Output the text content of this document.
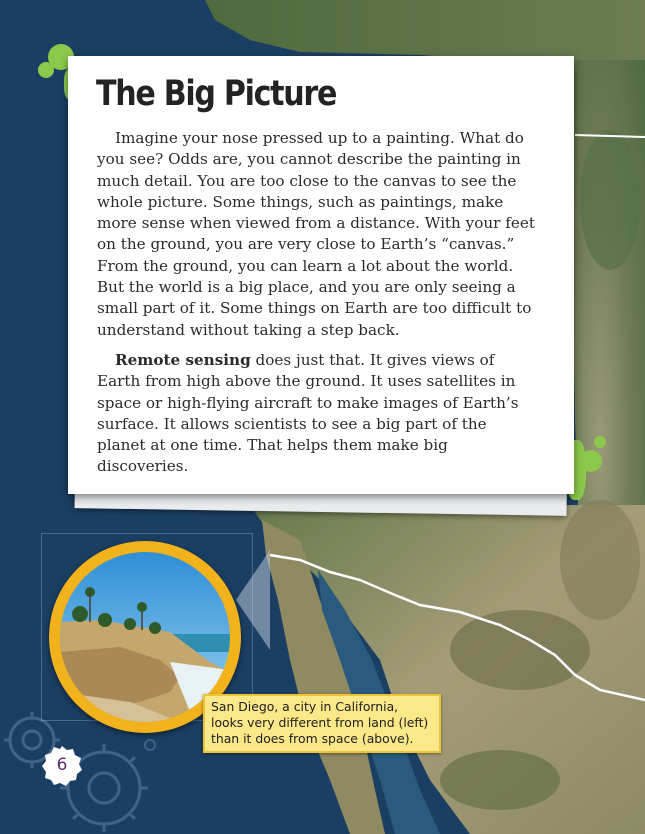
The Big Picture

Imagine your nose pressed up to a painting. What do you see? Odds are, you cannot describe the painting in much detail. You are too close to the canvas to see the whole picture. Some things, such as paintings, make more sense when viewed from a distance. With your feet on the ground, you are very close to Earth’s “canvas.” From the ground, you can learn a lot about the world. But the world is a big place, and you are only seeing a small part of it. Some things on Earth are too difficult to understand without taking a step back.

Remote sensing does just that. It gives views of Earth from high above the ground. It uses satellites in space or high-flying aircraft to make images of Earth’s surface. It allows scientists to see a big part of the planet at one time. That helps them make big discoveries.

San Diego, a city in California, looks very different from land (left) than it does from space (above).
6
